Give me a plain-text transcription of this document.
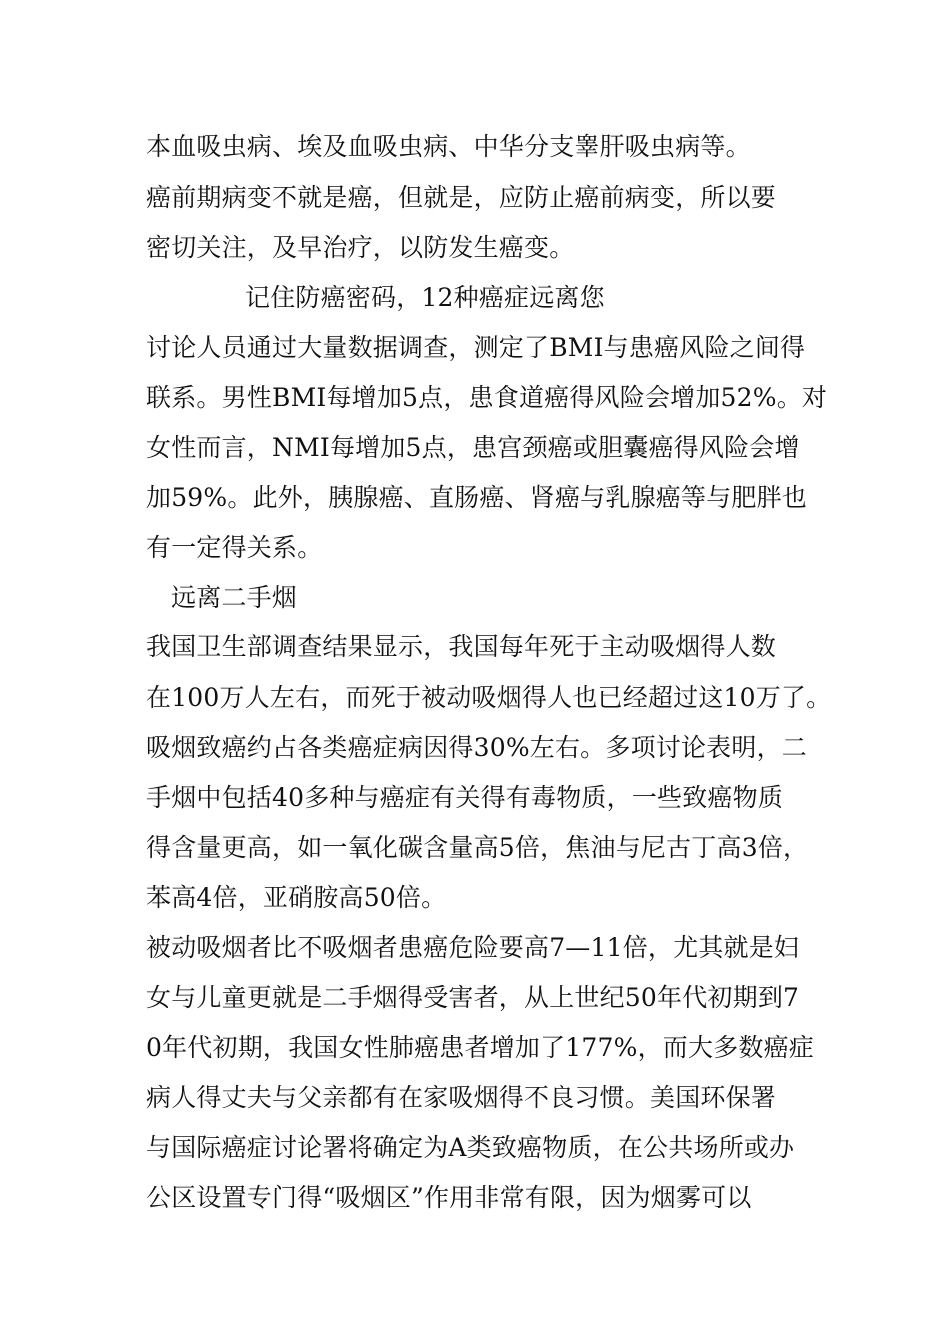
本血吸虫病、埃及血吸虫病、中华分支睾肝吸虫病等。
癌前期病变不就是癌，但就是，应防止癌前病变，所以要
密切关注，及早治疗，以防发生癌变。
记住防癌密码，12种癌症远离您
讨论人员通过大量数据调查，测定了BMI与患癌风险之间得
联系。男性BMI每增加5点，患食道癌得风险会增加52%。对
女性而言，NMI每增加5点，患宫颈癌或胆囊癌得风险会增
加59%。此外，胰腺癌、直肠癌、肾癌与乳腺癌等与肥胖也
有一定得关系。
远离二手烟
我国卫生部调查结果显示，我国每年死于主动吸烟得人数
在100万人左右，而死于被动吸烟得人也已经超过这10万了。
吸烟致癌约占各类癌症病因得30%左右。多项讨论表明，二
手烟中包括40多种与癌症有关得有毒物质，一些致癌物质
得含量更高，如一氧化碳含量高5倍，焦油与尼古丁高3倍，
苯高4倍，亚硝胺高50倍。
被动吸烟者比不吸烟者患癌危险要高7—11倍，尤其就是妇
女与儿童更就是二手烟得受害者，从上世纪50年代初期到7
0年代初期，我国女性肺癌患者增加了177%，而大多数癌症
病人得丈夫与父亲都有在家吸烟得不良习惯。美国环保署
与国际癌症讨论署将确定为A类致癌物质，在公共场所或办
公区设置专门得“吸烟区”作用非常有限，因为烟雾可以
